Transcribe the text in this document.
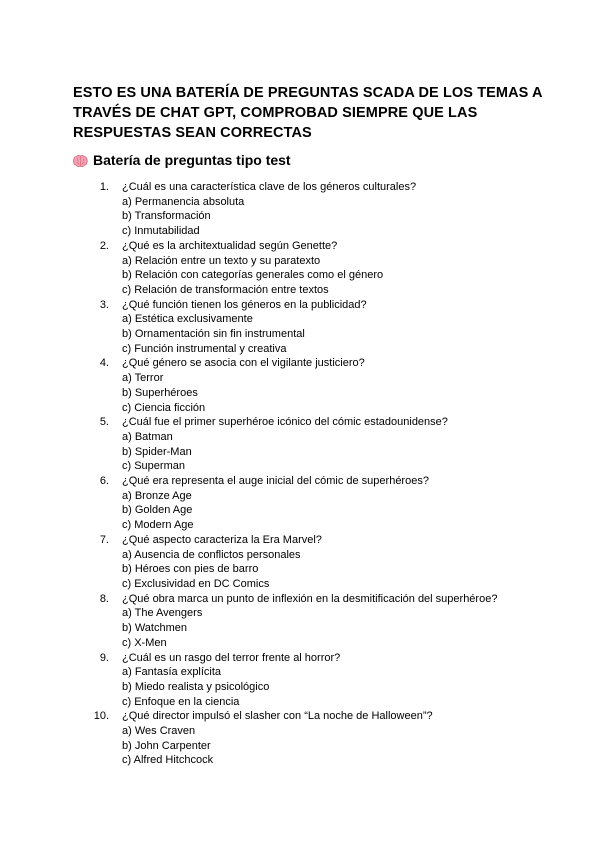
ESTO ES UNA BATERÍA DE PREGUNTAS SCADA DE LOS TEMAS A TRAVÉS DE CHAT GPT, COMPROBAD SIEMPRE QUE LAS RESPUESTAS SEAN CORRECTAS
Batería de preguntas tipo test
1. ¿Cuál es una característica clave de los géneros culturales?
a) Permanencia absoluta
b) Transformación
c) Inmutabilidad
2. ¿Qué es la architextualidad según Genette?
a) Relación entre un texto y su paratexto
b) Relación con categorías generales como el género
c) Relación de transformación entre textos
3. ¿Qué función tienen los géneros en la publicidad?
a) Estética exclusivamente
b) Ornamentación sin fin instrumental
c) Función instrumental y creativa
4. ¿Qué género se asocia con el vigilante justiciero?
a) Terror
b) Superhéroes
c) Ciencia ficción
5. ¿Cuál fue el primer superhéroe icónico del cómic estadounidense?
a) Batman
b) Spider-Man
c) Superman
6. ¿Qué era representa el auge inicial del cómic de superhéroes?
a) Bronze Age
b) Golden Age
c) Modern Age
7. ¿Qué aspecto caracteriza la Era Marvel?
a) Ausencia de conflictos personales
b) Héroes con pies de barro
c) Exclusividad en DC Comics
8. ¿Qué obra marca un punto de inflexión en la desmitificación del superhéroe?
a) The Avengers
b) Watchmen
c) X-Men
9. ¿Cuál es un rasgo del terror frente al horror?
a) Fantasía explícita
b) Miedo realista y psicológico
c) Enfoque en la ciencia
10. ¿Qué director impulsó el slasher con “La noche de Halloween”?
a) Wes Craven
b) John Carpenter
c) Alfred Hitchcock
